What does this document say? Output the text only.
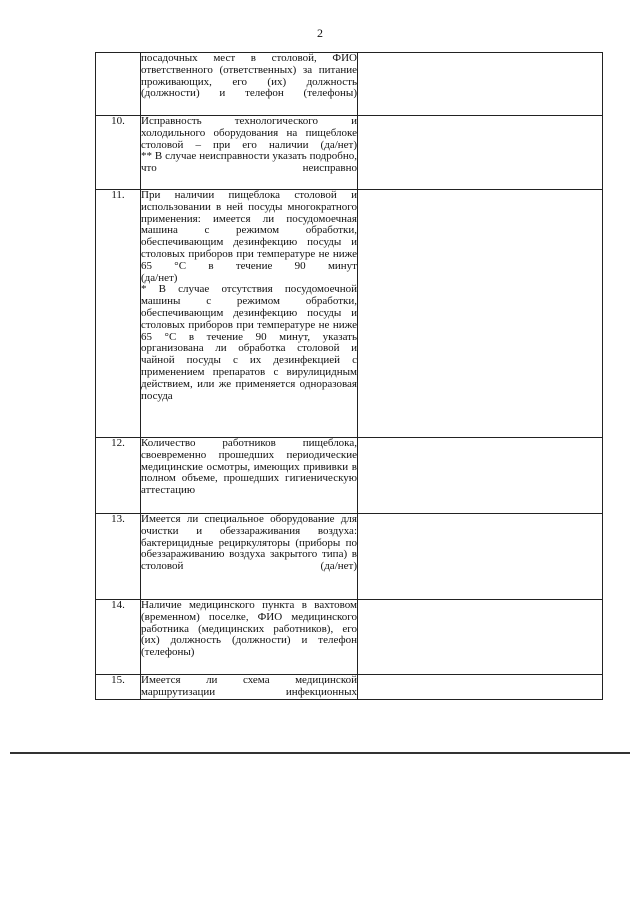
2
	посадочных мест в столовой, ФИО ответственного (ответственных) за питание проживающих, его (их) должность (должности) и телефон (телефоны)	
10.	Исправность технологического и холодильного оборудования на пищеблоке столовой – при его наличии (да/нет)
** В случае неисправности указать подробно, что неисправно	
11.	При наличии пищеблока столовой и использовании в ней посуды многократного применения: имеется ли посудомоечная машина с режимом обработки, обеспечивающим дезинфекцию посуды и столовых приборов при температуре не ниже 65 °С в течение 90 минут
(да/нет)
* В случае отсутствия посудомоечной машины с режимом обработки, обеспечивающим дезинфекцию посуды и столовых приборов при температуре не ниже 65 °С в течение 90 минут, указать организована ли обработка столовой и чайной посуды с их дезинфекцией с применением препаратов с вирулицидным действием, или же применяется одноразовая посуда	
12.	Количество работников пищеблока, своевременно прошедших периодические медицинские осмотры, имеющих прививки в полном объеме, прошедших гигиеническую аттестацию	
13.	Имеется ли специальное оборудование для очистки и обеззараживания воздуха: бактерицидные рециркуляторы (приборы по обеззараживанию воздуха закрытого типа) в столовой (да/нет)	
14.	Наличие медицинского пункта в вахтовом (временном) поселке, ФИО медицинского работника (медицинских работников), его (их) должность (должности) и телефон (телефоны)	
15.	Имеется ли схема медицинской маршрутизации инфекционных	
